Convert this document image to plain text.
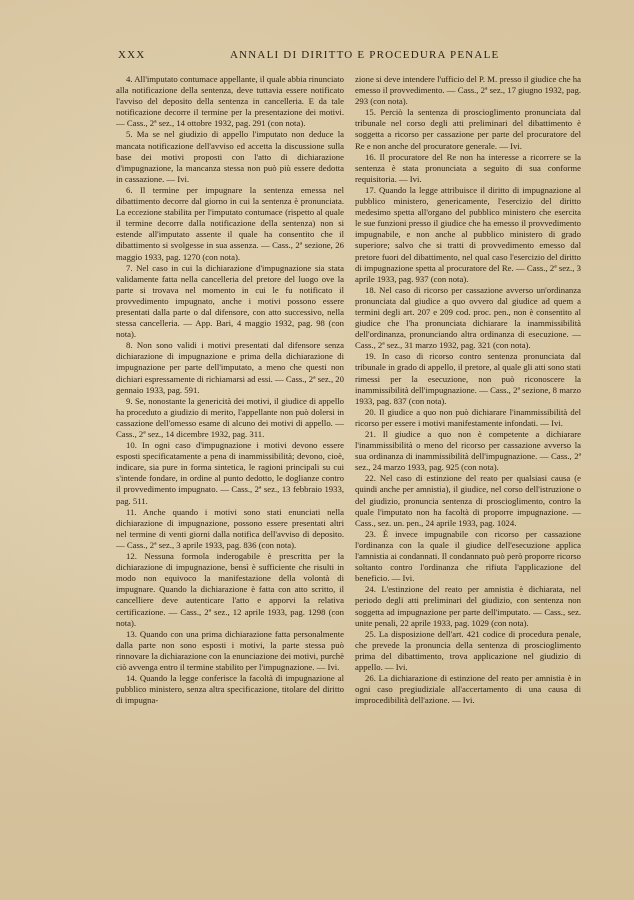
XXX	ANNALI DI DIRITTO E PROCEDURA PENALE

4. All'imputato contumace appellante, il quale abbia rinunciato alla notificazione della sentenza, deve tuttavia essere notificato l'avviso del deposito della sentenza in cancelleria. E da tale notificazione decorre il termine per la presentazione dei motivi. — Cass., 2ª sez., 14 ottobre 1932, pag. 291 (con nota).

5. Ma se nel giudizio di appello l'imputato non deduce la mancata notificazione dell'avviso ed accetta la discussione sulla base dei motivi proposti con l'atto di dichiarazione d'impugnazione, la mancanza stessa non può più essere dedotta in cassazione. — Ivi.

6. Il termine per impugnare la sentenza emessa nel dibattimento decorre dal giorno in cui la sentenza è pronunciata. La eccezione stabilita per l'imputato contumace (rispetto al quale il termine decorre dalla notificazione della sentenza) non si estende all'imputato assente il quale ha consentito che il dibattimento si svolgesse in sua assenza. — Cass., 2ª sezione, 26 maggio 1933, pag. 1270 (con nota).

7. Nel caso in cui la dichiarazione d'impugnazione sia stata validamente fatta nella cancelleria del pretore del luogo ove la parte si trovava nel momento in cui le fu notificato il provvedimento impugnato, anche i motivi possono essere presentati dalla parte o dal difensore, con atto successivo, nella stessa cancelleria. — App. Bari, 4 maggio 1932, pag. 98 (con nota).

8. Non sono validi i motivi presentati dal difensore senza dichiarazione di impugnazione e prima della dichiarazione di impugnazione per parte dell'imputato, a meno che questi non dichiari espressamente di richiamarsi ad essi. — Cass., 2ª sez., 20 gennaio 1933, pag. 591.

9. Se, nonostante la genericità dei motivi, il giudice di appello ha proceduto a giudizio di merito, l'appellante non può dolersi in cassazione dell'omesso esame di alcuno dei motivi di appello. — Cass., 2ª sez., 14 dicembre 1932, pag. 311.

10. In ogni caso d'impugnazione i motivi devono essere esposti specificatamente a pena di inammissibilità; devono, cioè, indicare, sia pure in forma sintetica, le ragioni principali su cui s'intende fondare, in ordine al punto dedotto, le doglianze contro il provvedimento impugnato. — Cass., 2ª sez., 13 febbraio 1933, pag. 511.

11. Anche quando i motivi sono stati enunciati nella dichiarazione di impugnazione, possono essere presentati altri nel termine di venti giorni dalla notifica dell'avviso di deposito. — Cass., 2ª sez., 3 aprile 1933, pag. 836 (con nota).

12. Nessuna formola inderogabile è prescritta per la dichiarazione di impugnazione, bensì è sufficiente che risulti in modo non equivoco la manifestazione della volontà di impugnare. Quando la dichiarazione è fatta con atto scritto, il cancelliere deve autenticare l'atto e apporvi la relativa certificazione. — Cass., 2ª sez., 12 aprile 1933, pag. 1298 (con nota).

13. Quando con una prima dichiarazione fatta personalmente dalla parte non sono esposti i motivi, la parte stessa può rinnovare la dichiarazione con la enunciazione dei motivi, purchè ciò avvenga entro il termine stabilito per l'impugnazione. — Ivi.

14. Quando la legge conferisce la facoltà di impugnazione al pubblico ministero, senza altra specificazione, titolare del diritto di impugna-

zione si deve intendere l'ufficio del P. M. presso il giudice che ha emesso il provvedimento. — Cass., 2ª sez., 17 giugno 1932, pag. 293 (con nota).

15. Perciò la sentenza di proscioglimento pronunciata dal tribunale nel corso degli atti preliminari del dibattimento è soggetta a ricorso per cassazione per parte del procuratore del Re e non anche del procuratore generale. — Ivi.

16. Il procuratore del Re non ha interesse a ricorrere se la sentenza è stata pronunciata a seguito di sua conforme requisitoria. — Ivi.

17. Quando la legge attribuisce il diritto di impugnazione al pubblico ministero, genericamente, l'esercizio del diritto medesimo spetta all'organo del pubblico ministero che esercita le sue funzioni presso il giudice che ha emesso il provvedimento impugnabile, e non anche al pubblico ministero di grado superiore; salvo che si tratti di provvedimento emesso dal pretore fuori del dibattimento, nel qual caso l'esercizio del diritto di impugnazione spetta al procuratore del Re. — Cass., 2ª sez., 3 aprile 1933, pag. 937 (con nota).

18. Nel caso di ricorso per cassazione avverso un'ordinanza pronunciata dal giudice a quo ovvero dal giudice ad quem a termini degli art. 207 e 209 cod. proc. pen., non è consentito al giudice che l'ha pronunciata dichiarare la inammissibilità dell'ordinanza, pronunciando altra ordinanza di esecuzione. — Cass., 2ª sez., 31 marzo 1932, pag. 321 (con nota).

19. In caso di ricorso contro sentenza pronunciata dal tribunale in grado di appello, il pretore, al quale gli atti sono stati rimessi per la esecuzione, non può riconoscere la inammissibilità dell'impugnazione. — Cass., 2ª sezione, 8 marzo 1933, pag. 837 (con nota).

20. Il giudice a quo non può dichiarare l'inammissibilità del ricorso per essere i motivi manifestamente infondati. — Ivi.

21. Il giudice a quo non è competente a dichiarare l'inammissibilità o meno del ricorso per cassazione avverso la sua ordinanza di inammissibilità dell'impugnazione. — Cass., 2ª sez., 24 marzo 1933, pag. 925 (con nota).

22. Nel caso di estinzione del reato per qualsiasi causa (e quindi anche per amnistia), il giudice, nel corso dell'istruzione o del giudizio, pronuncia sentenza di proscioglimento, contro la quale l'imputato non ha facoltà di proporre impugnazione. — Cass., sez. un. pen., 24 aprile 1933, pag. 1024.

23. È invece impugnabile con ricorso per cassazione l'ordinanza con la quale il giudice dell'esecuzione applica l'amnistia ai condannati. Il condannato può però proporre ricorso soltanto contro l'ordinanza che rifiuta l'applicazione del beneficio. — Ivi.

24. L'estinzione del reato per amnistia è dichiarata, nel periodo degli atti preliminari del giudizio, con sentenza non soggetta ad impugnazione per parte dell'imputato. — Cass., sez. unite penali, 22 aprile 1933, pag. 1029 (con nota).

25. La disposizione dell'art. 421 codice di procedura penale, che prevede la pronuncia della sentenza di proscioglimento prima del dibattimento, trova applicazione nel giudizio di appello. — Ivi.

26. La dichiarazione di estinzione del reato per amnistia è in ogni caso pregiudiziale all'accertamento di una causa di improcedibilità dell'azione. — Ivi.
